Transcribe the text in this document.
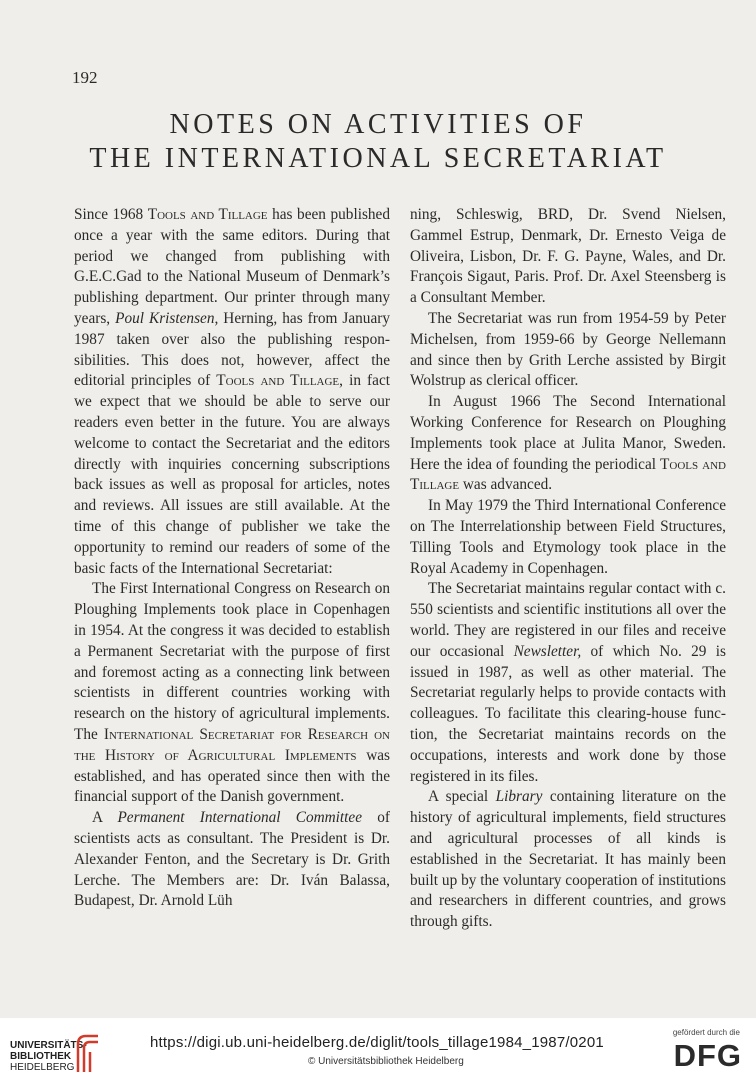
192
NOTES ON ACTIVITIES OF
THE INTERNATIONAL SECRETARIAT

Since 1968 Tools and Tillage has been published once a year with the same editors. During that period we changed from publishing with G.E.C.Gad to the National Museum of Denmark’s publishing department. Our printer through many years, Poul Kristensen, Herning, has from January 1987 taken over also the publishing responsibilities. This does not, however, affect the editorial principles of Tools and Tillage, in fact we expect that we should be able to serve our readers even better in the future. You are always welcome to contact the Secretariat and the editors directly with inquiries concerning subscriptions back issues as well as proposal for articles, notes and reviews. All issues are still available. At the time of this change of publisher we take the opportunity to remind our readers of some of the basic facts of the International Secretariat:

The First International Congress on Research on Ploughing Implements took place in Copenhagen in 1954. At the congress it was decided to establish a Permanent Secretariat with the purpose of first and foremost acting as a connecting link between scientists in different countries working with research on the history of agricultural implements. The International Secretariat for Research on the History of Agricultural Implements was established, and has operated since then with the financial support of the Danish government.

A Permanent International Committee of scientists acts as consultant. The President is Dr. Alexander Fenton, and the Secretary is Dr. Grith Lerche. The Members are: Dr. Iván Balassa, Budapest, Dr. Arnold Lüh

ning, Schleswig, BRD, Dr. Svend Nielsen, Gammel Estrup, Denmark, Dr. Ernesto Veiga de Oliveira, Lisbon, Dr. F. G. Payne, Wales, and Dr. François Sigaut, Paris. Prof. Dr. Axel Steensberg is a Consultant Member.

The Secretariat was run from 1954-59 by Peter Michelsen, from 1959-66 by George Nellemann and since then by Grith Lerche assisted by Birgit Wolstrup as clerical officer.

In August 1966 The Second International Working Conference for Research on Ploughing Implements took place at Julita Manor, Sweden. Here the idea of founding the periodical Tools and Tillage was advanced.

In May 1979 the Third International Conference on The Interrelationship between Field Structures, Tilling Tools and Etymology took place in the Royal Academy in Copenhagen.

The Secretariat maintains regular contact with c. 550 scientists and scientific institutions all over the world. They are registered in our files and receive our occasional Newsletter, of which No. 29 is issued in 1987, as well as other material. The Secretariat regularly helps to provide contacts with colleagues. To facilitate this clearing-house function, the Secretariat maintains records on the occupations, interests and work done by those registered in its files.

A special Library containing literature on the history of agricultural implements, field structures and agricultural processes of all kinds is established in the Secretariat. It has mainly been built up by the voluntary cooperation of institutions and researchers in different countries, and grows through gifts.

UNIVERSITÄTS-
BIBLIOTHEK
HEIDELBERG
https://digi.ub.uni-heidelberg.de/diglit/tools_tillage1984_1987/0201
© Universitätsbibliothek Heidelberg
gefördert durch die
DFG
